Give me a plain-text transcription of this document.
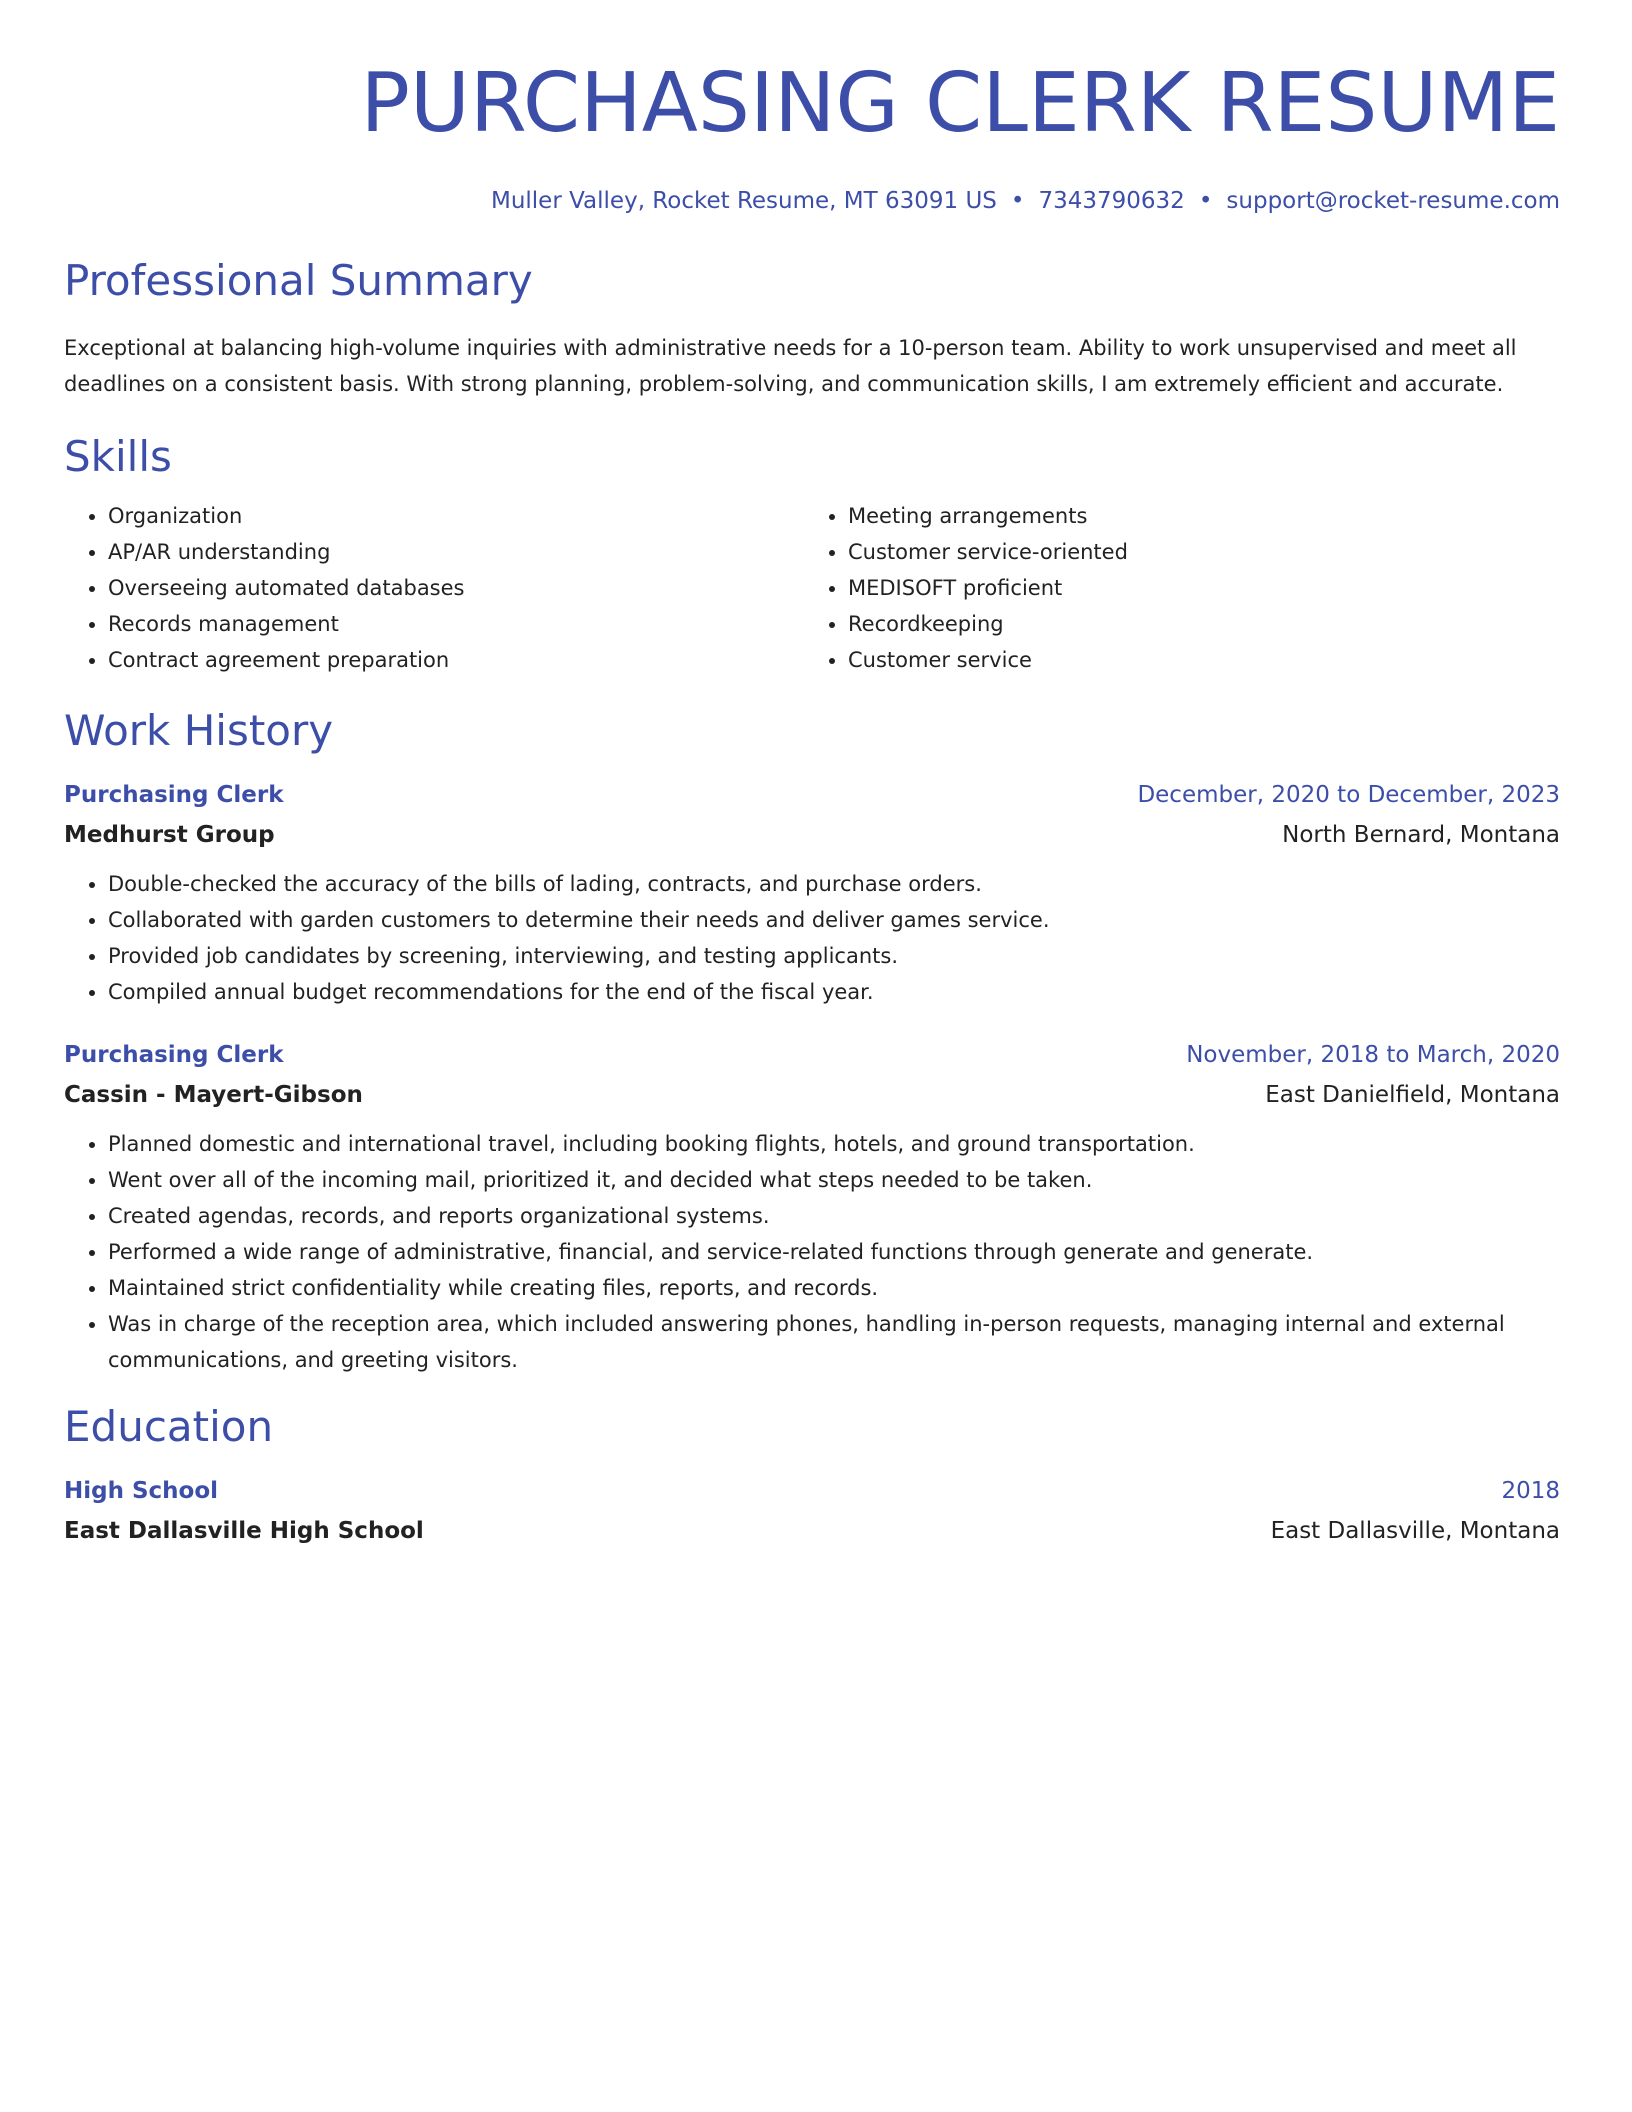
PURCHASING CLERK RESUME
Muller Valley, Rocket Resume, MT 63091 US • 7343790632 • support@rocket-resume.com
Professional Summary
Exceptional at balancing high-volume inquiries with administrative needs for a 10-person team. Ability to work unsupervised and meet all deadlines on a consistent basis. With strong planning, problem-solving, and communication skills, I am extremely efficient and accurate.
Skills
• Organization
• AP/AR understanding
• Overseeing automated databases
• Records management
• Contract agreement preparation
• Meeting arrangements
• Customer service-oriented
• MEDISOFT proficient
• Recordkeeping
• Customer service
Work History
Purchasing Clerk	December, 2020 to December, 2023
Medhurst Group	North Bernard, Montana
• Double-checked the accuracy of the bills of lading, contracts, and purchase orders.
• Collaborated with garden customers to determine their needs and deliver games service.
• Provided job candidates by screening, interviewing, and testing applicants.
• Compiled annual budget recommendations for the end of the fiscal year.
Purchasing Clerk	November, 2018 to March, 2020
Cassin - Mayert-Gibson	East Danielfield, Montana
• Planned domestic and international travel, including booking flights, hotels, and ground transportation.
• Went over all of the incoming mail, prioritized it, and decided what steps needed to be taken.
• Created agendas, records, and reports organizational systems.
• Performed a wide range of administrative, financial, and service-related functions through generate and generate.
• Maintained strict confidentiality while creating files, reports, and records.
• Was in charge of the reception area, which included answering phones, handling in-person requests, managing internal and external communications, and greeting visitors.
Education
High School	2018
East Dallasville High School	East Dallasville, Montana
